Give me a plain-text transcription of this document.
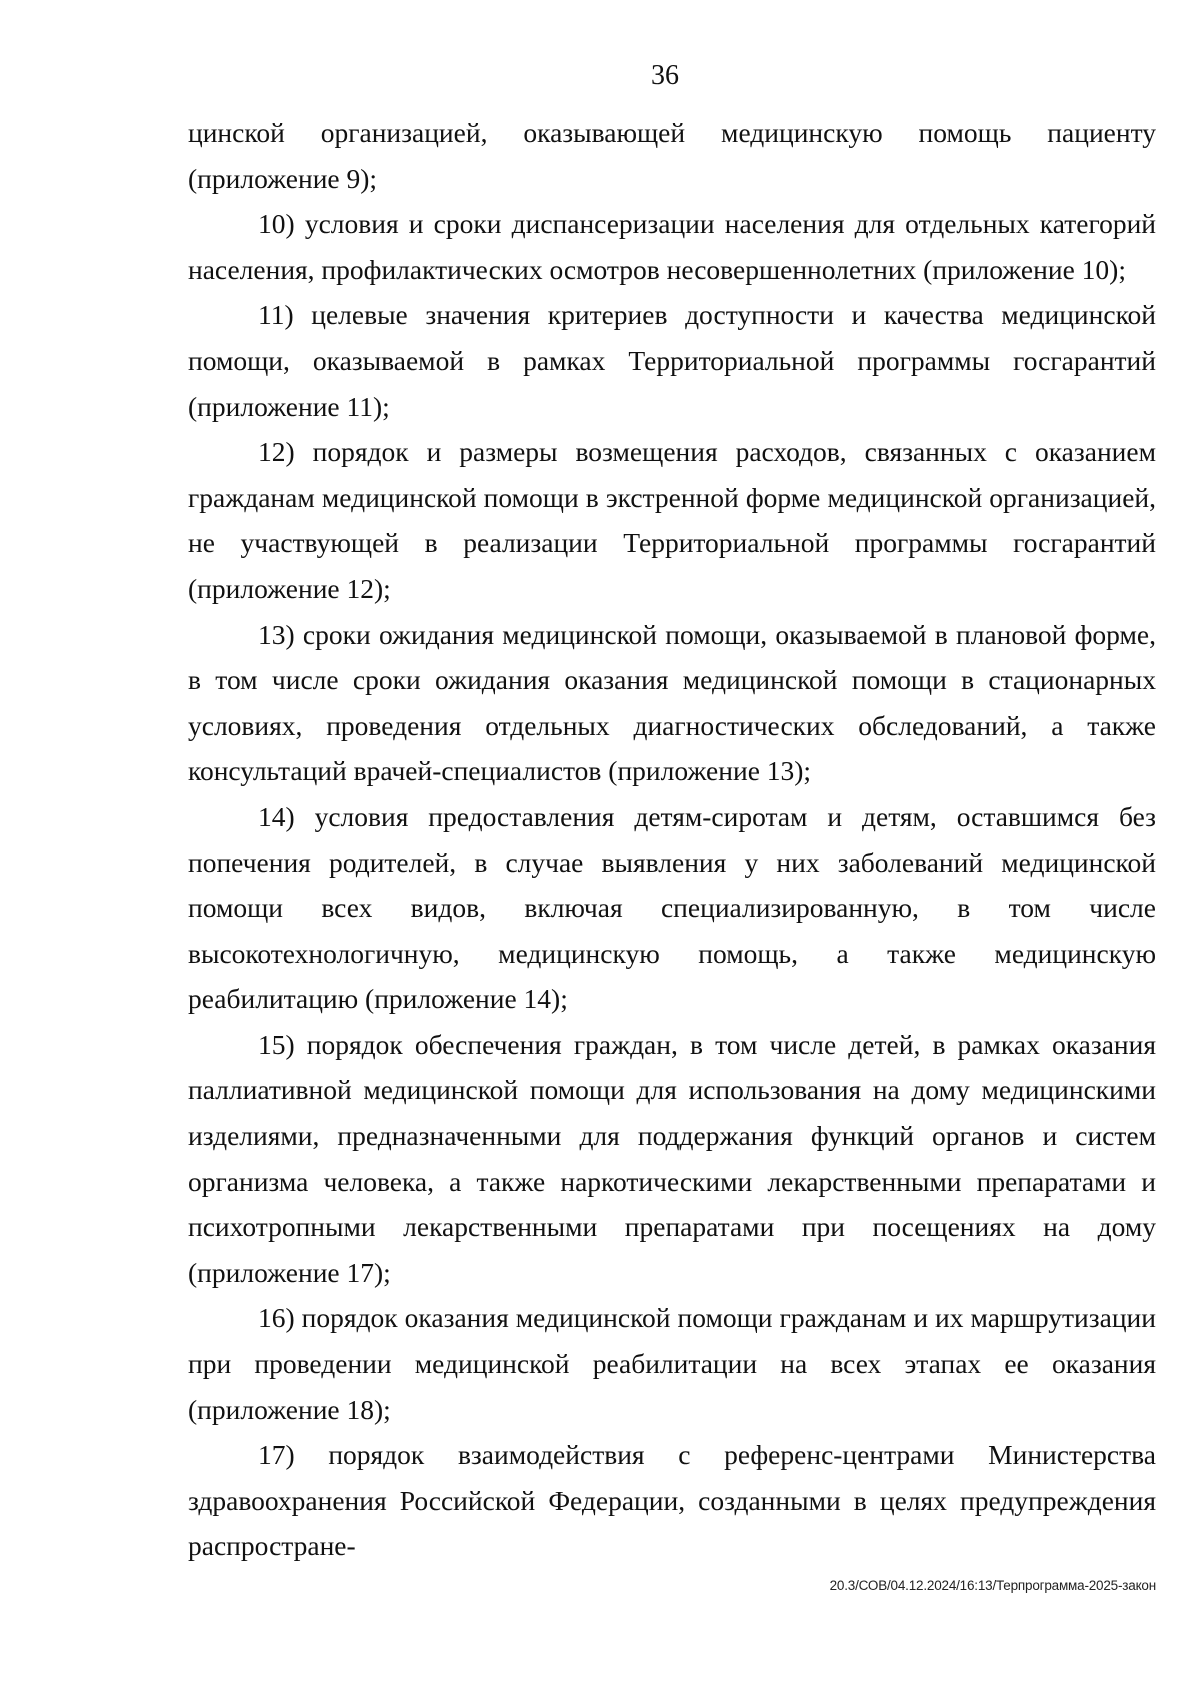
36

цинской организацией, оказывающей медицинскую помощь пациенту (приложение 9);

10) условия и сроки диспансеризации населения для отдельных категорий населения, профилактических осмотров несовершеннолетних (приложение 10);

11) целевые значения критериев доступности и качества медицинской помощи, оказываемой в рамках Территориальной программы госгарантий (приложение 11);

12) порядок и размеры возмещения расходов, связанных с оказанием гражданам медицинской помощи в экстренной форме медицинской организацией, не участвующей в реализации Территориальной программы госгарантий (приложение 12);

13) сроки ожидания медицинской помощи, оказываемой в плановой форме, в том числе сроки ожидания оказания медицинской помощи в стационарных условиях, проведения отдельных диагностических обследований, а также консультаций врачей-специалистов (приложение 13);

14) условия предоставления детям-сиротам и детям, оставшимся без попечения родителей, в случае выявления у них заболеваний медицинской помощи всех видов, включая специализированную, в том числе высокотехнологичную, медицинскую помощь, а также медицинскую реабилитацию (приложение 14);

15) порядок обеспечения граждан, в том числе детей, в рамках оказания паллиативной медицинской помощи для использования на дому медицинскими изделиями, предназначенными для поддержания функций органов и систем организма человека, а также наркотическими лекарственными препаратами и психотропными лекарственными препаратами при посещениях на дому (приложение 17);

16) порядок оказания медицинской помощи гражданам и их маршрутизации при проведении медицинской реабилитации на всех этапах ее оказания (приложение 18);

17) порядок взаимодействия с референс-центрами Министерства здравоохранения Российской Федерации, созданными в целях предупреждения распростране-

20.3/СОВ/04.12.2024/16:13/Терпрограмма-2025-закон
